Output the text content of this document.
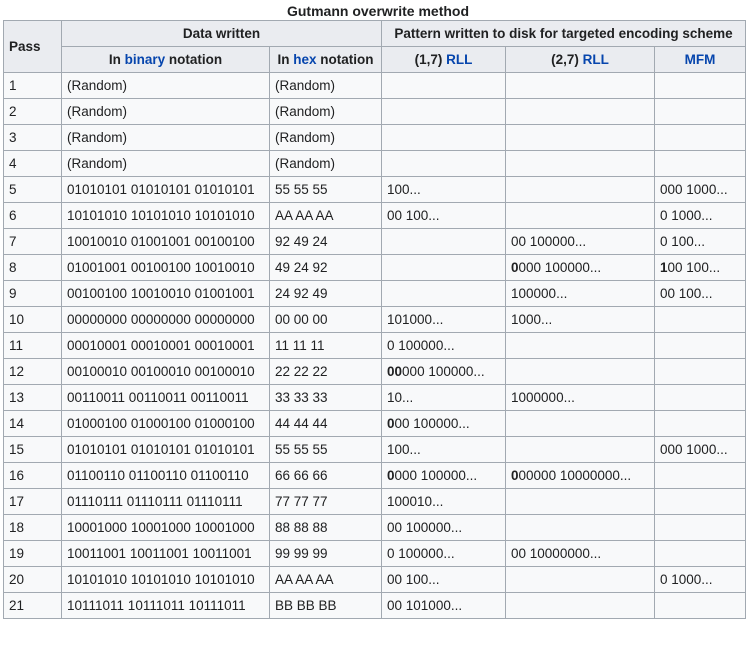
Gutmann overwrite method
Pass	Data written		Pattern written to disk for targeted encoding scheme		
	In binary notation	In hex notation	(1,7) RLL	(2,7) RLL	MFM
1	(Random)	(Random)			
2	(Random)	(Random)			
3	(Random)	(Random)			
4	(Random)	(Random)			
5	01010101 01010101 01010101	55 55 55	100...		000 1000...
6	10101010 10101010 10101010	AA AA AA	00 100...		0 1000...
7	10010010 01001001 00100100	92 49 24		00 100000...	0 100...
8	01001001 00100100 10010010	49 24 92		0000 100000...	100 100...
9	00100100 10010010 01001001	24 92 49		100000...	00 100...
10	00000000 00000000 00000000	00 00 00	101000...	1000...	
11	00010001 00010001 00010001	11 11 11	0 100000...		
12	00100010 00100010 00100010	22 22 22	00000 100000...		
13	00110011 00110011 00110011	33 33 33	10...	1000000...	
14	01000100 01000100 01000100	44 44 44	000 100000...		
15	01010101 01010101 01010101	55 55 55	100...		000 1000...
16	01100110 01100110 01100110	66 66 66	0000 100000...	000000 10000000...	
17	01110111 01110111 01110111	77 77 77	100010...		
18	10001000 10001000 10001000	88 88 88	00 100000...		
19	10011001 10011001 10011001	99 99 99	0 100000...	00 10000000...	
20	10101010 10101010 10101010	AA AA AA	00 100...		0 1000...
21	10111011 10111011 10111011	BB BB BB	00 101000...		
